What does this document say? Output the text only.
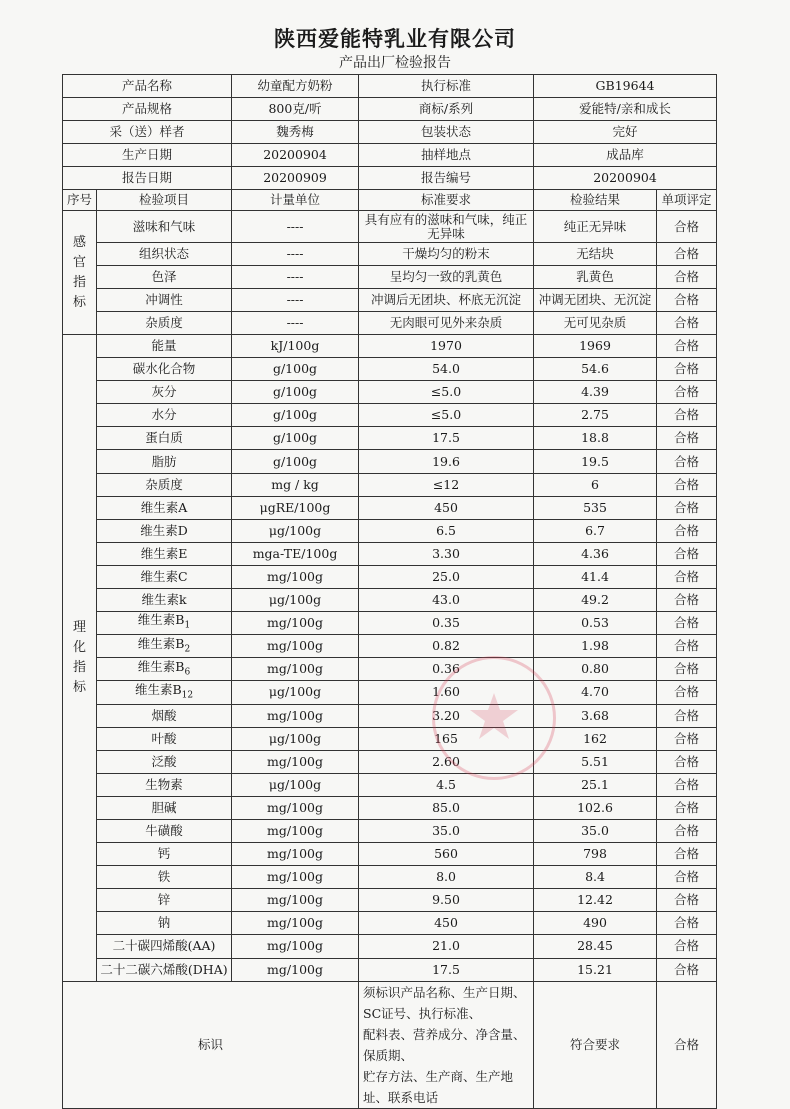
陕西爱能特乳业有限公司
产品出厂检验报告
产品名称		幼童配方奶粉	执行标准	GB19644	
产品规格		800克/听	商标/系列	爱能特/亲和成长	
采（送）样者		魏秀梅	包装状态	完好	
生产日期		20200904	抽样地点	成品库	
报告日期		20200909	报告编号	20200904	
序号	检验项目	计量单位	标准要求	检验结果	单项评定
感官指标	滋味和气味	----	具有应有的滋味和气味，纯正无异味	纯正无异味	合格
	组织状态	----	干燥均匀的粉末	无结块	合格
	色泽	----	呈均匀一致的乳黄色	乳黄色	合格
	冲调性	----	冲调后无团块、杯底无沉淀	冲调无团块、无沉淀	合格
	杂质度	----	无肉眼可见外来杂质	无可见杂质	合格
理化指标	能量	kJ/100g	1970	1969	合格
	碳水化合物	g/100g	54.0	54.6	合格
	灰分	g/100g	≤5.0	4.39	合格
	水分	g/100g	≤5.0	2.75	合格
	蛋白质	g/100g	17.5	18.8	合格
	脂肪	g/100g	19.6	19.5	合格
	杂质度	mg / kg	≤12	6	合格
	维生素A	μgRE/100g	450	535	合格
	维生素D	μg/100g	6.5	6.7	合格
	维生素E	mga-TE/100g	3.30	4.36	合格
	维生素C	mg/100g	25.0	41.4	合格
	维生素k	μg/100g	43.0	49.2	合格
	维生素$B_1$	mg/100g	0.35	0.53	合格
	维生素$B_2$	mg/100g	0.82	1.98	合格
	维生素$B_6$	mg/100g	0.36	0.80	合格
	维生素$B_{12}$	μg/100g	1.60	4.70	合格
	烟酸	mg/100g	3.20	3.68	合格
	叶酸	μg/100g	165	162	合格
	泛酸	mg/100g	2.60	5.51	合格
	生物素	μg/100g	4.5	25.1	合格
	胆碱	mg/100g	85.0	102.6	合格
	牛磺酸	mg/100g	35.0	35.0	合格
	钙	mg/100g	560	798	合格
	铁	mg/100g	8.0	8.4	合格
	锌	mg/100g	9.50	12.42	合格
	钠	mg/100g	450	490	合格
	二十碳四烯酸(AA)	mg/100g	21.0	28.45	合格
	二十二碳六烯酸(DHA)	mg/100g	17.5	15.21	合格
标识			须标识产品名称、生产日期、SC证号、执行标准、
配料表、营养成分、净含量、保质期、
贮存方法、生产商、生产地址、联系电话	符合要求	合格
